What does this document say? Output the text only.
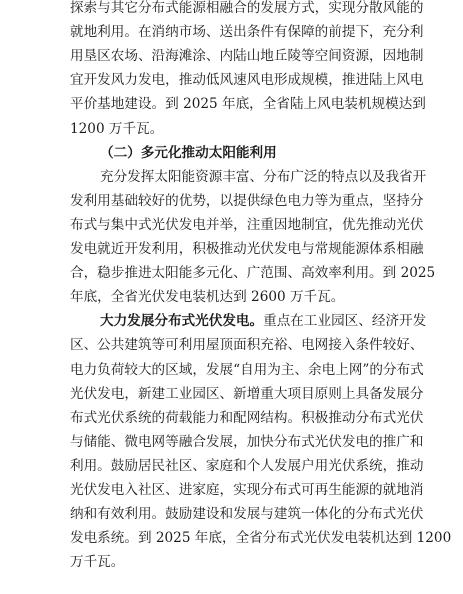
探索与其它分布式能源相融合的发展方式，实现分散风能的
就地利用。在消纳市场、送出条件有保障的前提下，充分利
用垦区农场、沿海滩涂、内陆山地丘陵等空间资源，因地制
宜开发风力发电，推动低风速风电形成规模，推进陆上风电
平价基地建设。到 2025 年底，全省陆上风电装机规模达到
1200 万千瓦。
（二）多元化推动太阳能利用
充分发挥太阳能资源丰富、分布广泛的特点以及我省开
发利用基础较好的优势，以提供绿色电力等为重点，坚持分
布式与集中式光伏发电并举，注重因地制宜，优先推动光伏
发电就近开发利用，积极推动光伏发电与常规能源体系相融
合，稳步推进太阳能多元化、广范围、高效率利用。到 2025
年底，全省光伏发电装机达到 2600 万千瓦。
大力发展分布式光伏发电。重点在工业园区、经济开发
区、公共建筑等可利用屋顶面积充裕、电网接入条件较好、
电力负荷较大的区域，发展“自用为主、余电上网”的分布式
光伏发电，新建工业园区、新增重大项目原则上具备发展分
布式光伏系统的荷载能力和配网结构。积极推动分布式光伏
与储能、微电网等融合发展，加快分布式光伏发电的推广和
利用。鼓励居民社区、家庭和个人发展户用光伏系统，推动
光伏发电入社区、进家庭，实现分布式可再生能源的就地消
纳和有效利用。鼓励建设和发展与建筑一体化的分布式光伏
发电系统。到 2025 年底，全省分布式光伏发电装机达到 1200
万千瓦。
